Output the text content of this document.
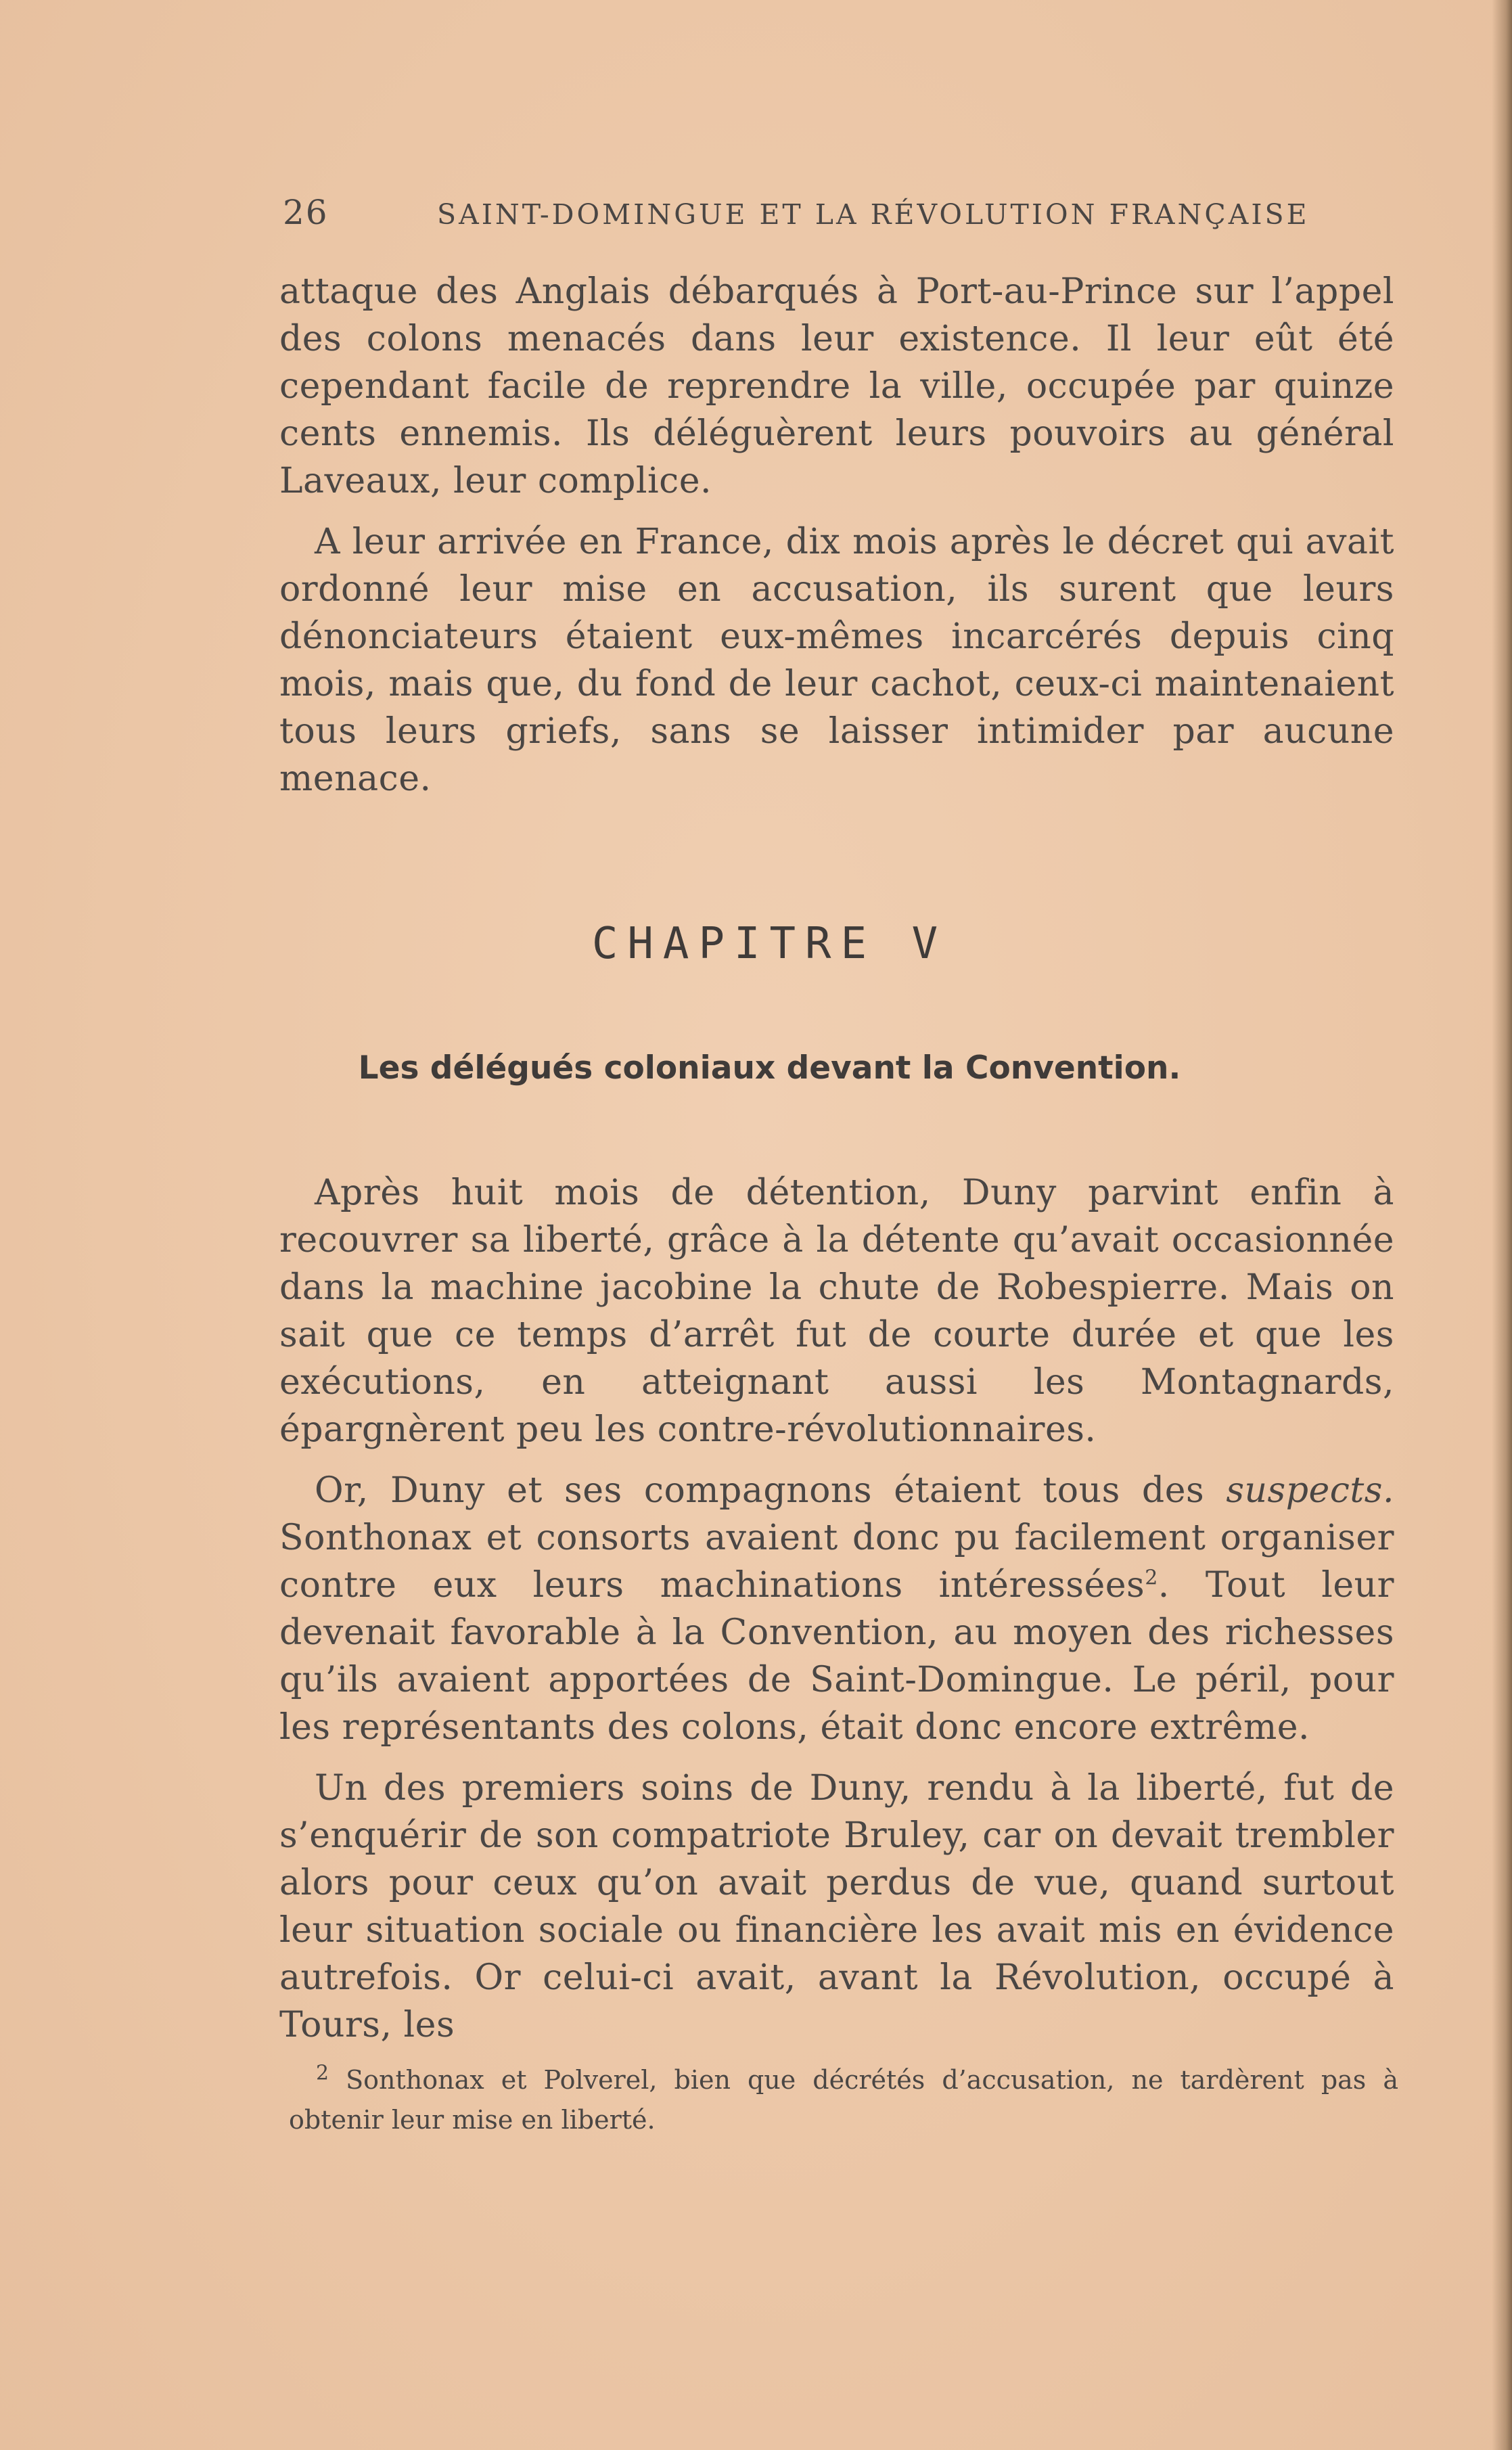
26	SAINT-DOMINGUE ET LA RÉVOLUTION FRANÇAISE

attaque des Anglais débarqués à Port-au-Prince sur l’appel des colons menacés dans leur existence. Il leur eût été cependant facile de reprendre la ville, occupée par quinze cents ennemis. Ils déléguèrent leurs pouvoirs au général Laveaux, leur complice.

A leur arrivée en France, dix mois après le décret qui avait ordonné leur mise en accusation, ils surent que leurs dénonciateurs étaient eux-mêmes incarcérés depuis cinq mois, mais que, du fond de leur cachot, ceux-ci maintenaient tous leurs griefs, sans se laisser intimider par aucune menace.

CHAPITRE V
Les délégués coloniaux devant la Convention.

Après huit mois de détention, Duny parvint enfin à recouvrer sa liberté, grâce à la détente qu’avait occasionnée dans la machine jacobine la chute de Robespierre. Mais on sait que ce temps d’arrêt fut de courte durée et que les exécutions, en atteignant aussi les Montagnards, épargnèrent peu les contre-révolutionnaires.

Or, Duny et ses compagnons étaient tous des suspects. Sonthonax et consorts avaient donc pu facilement organiser contre eux leurs machinations intéressées$^2$. Tout leur devenait favorable à la Convention, au moyen des richesses qu’ils avaient apportées de Saint-Domingue. Le péril, pour les représentants des colons, était donc encore extrême.

Un des premiers soins de Duny, rendu à la liberté, fut de s’enquérir de son compatriote Bruley, car on devait trembler alors pour ceux qu’on avait perdus de vue, quand surtout leur situation sociale ou financière les avait mis en évidence autrefois. Or celui-ci avait, avant la Révolution, occupé à Tours, les

$^2$ Sonthonax et Polverel, bien que décrétés d’accusation, ne tardèrent pas à obtenir leur mise en liberté.
